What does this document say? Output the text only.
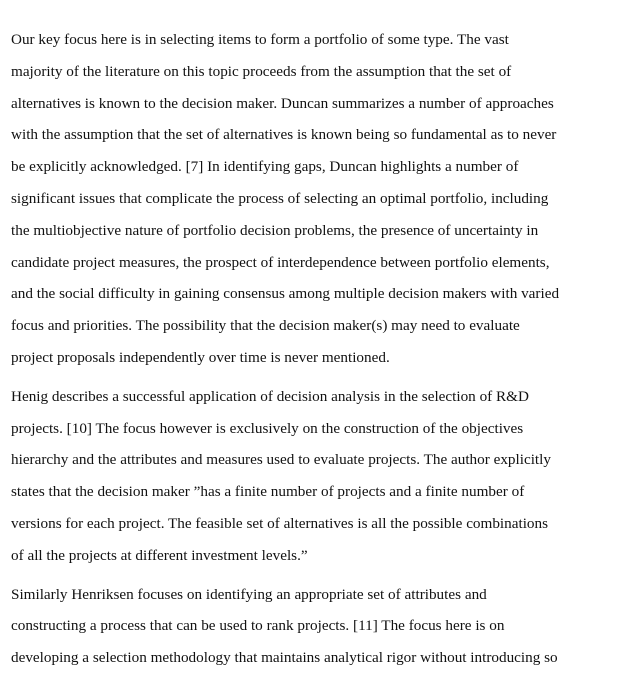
Our key focus here is in selecting items to form a portfolio of some type. The vast
majority of the literature on this topic proceeds from the assumption that the set of
alternatives is known to the decision maker. Duncan summarizes a number of approaches
with the assumption that the set of alternatives is known being so fundamental as to never
be explicitly acknowledged. [7] In identifying gaps, Duncan highlights a number of
significant issues that complicate the process of selecting an optimal portfolio, including
the multiobjective nature of portfolio decision problems, the presence of uncertainty in
candidate project measures, the prospect of interdependence between portfolio elements,
and the social difficulty in gaining consensus among multiple decision makers with varied
focus and priorities. The possibility that the decision maker(s) may need to evaluate
project proposals independently over time is never mentioned.
Henig describes a successful application of decision analysis in the selection of R&D
projects. [10] The focus however is exclusively on the construction of the objectives
hierarchy and the attributes and measures used to evaluate projects. The author explicitly
states that the decision maker ”has a finite number of projects and a finite number of
versions for each project. The feasible set of alternatives is all the possible combinations
of all the projects at different investment levels.”
Similarly Henriksen focuses on identifying an appropriate set of attributes and
constructing a process that can be used to rank projects. [11] The focus here is on
developing a selection methodology that maintains analytical rigor without introducing so
